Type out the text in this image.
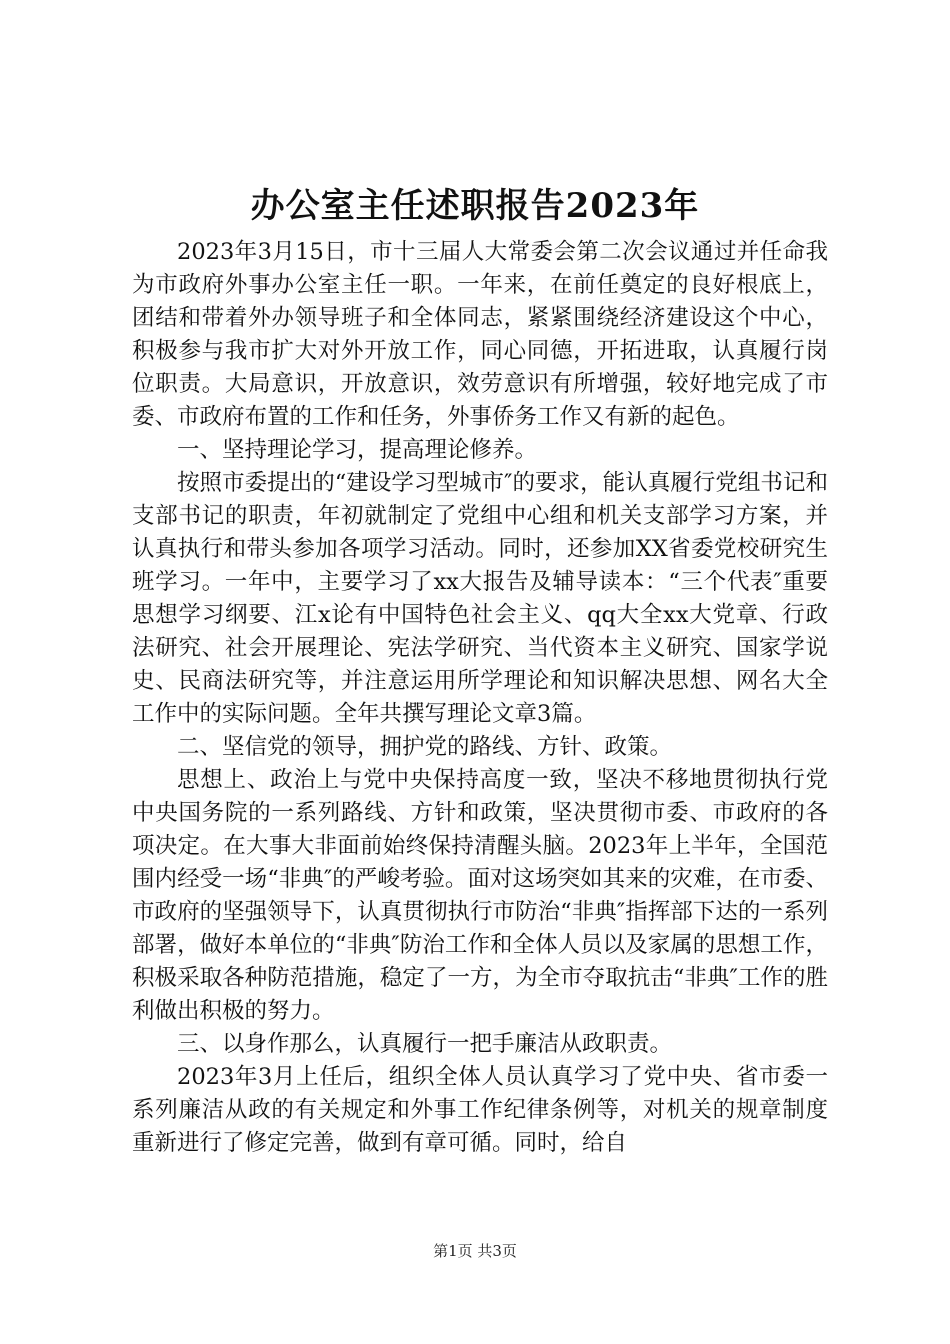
办公室主任述职报告2023年

2023年3月15日，市十三届人大常委会第二次会议通过并任命我为市政府外事办公室主任一职。一年来，在前任奠定的良好根底上，团结和带着外办领导班子和全体同志，紧紧围绕经济建设这个中心，积极参与我市扩大对外开放工作，同心同德，开拓进取，认真履行岗位职责。大局意识，开放意识，效劳意识有所增强，较好地完成了市委、市政府布置的工作和任务，外事侨务工作又有新的起色。

一、坚持理论学习，提高理论修养。

按照市委提出的“建设学习型城市″的要求，能认真履行党组书记和支部书记的职责，年初就制定了党组中心组和机关支部学习方案，并认真执行和带头参加各项学习活动。同时，还参加XX省委党校研究生班学习。一年中，主要学习了xx大报告及辅导读本：“三个代表″重要思想学习纲要、江x论有中国特色社会主义、qq大全xx大党章、行政法研究、社会开展理论、宪法学研究、当代资本主义研究、国家学说史、民商法研究等，并注意运用所学理论和知识解决思想、网名大全工作中的实际问题。全年共撰写理论文章3篇。

二、坚信党的领导，拥护党的路线、方针、政策。

思想上、政治上与党中央保持高度一致，坚决不移地贯彻执行党中央国务院的一系列路线、方针和政策，坚决贯彻市委、市政府的各项决定。在大事大非面前始终保持清醒头脑。2023年上半年，全国范围内经受一场“非典″的严峻考验。面对这场突如其来的灾难，在市委、市政府的坚强领导下，认真贯彻执行市防治“非典″指挥部下达的一系列部署，做好本单位的“非典″防治工作和全体人员以及家属的思想工作，积极采取各种防范措施，稳定了一方，为全市夺取抗击“非典″工作的胜利做出积极的努力。

三、以身作那么，认真履行一把手廉洁从政职责。

2023年3月上任后，组织全体人员认真学习了党中央、省市委一系列廉洁从政的有关规定和外事工作纪律条例等，对机关的规章制度重新进行了修定完善，做到有章可循。同时，给自

第1页 共3页
